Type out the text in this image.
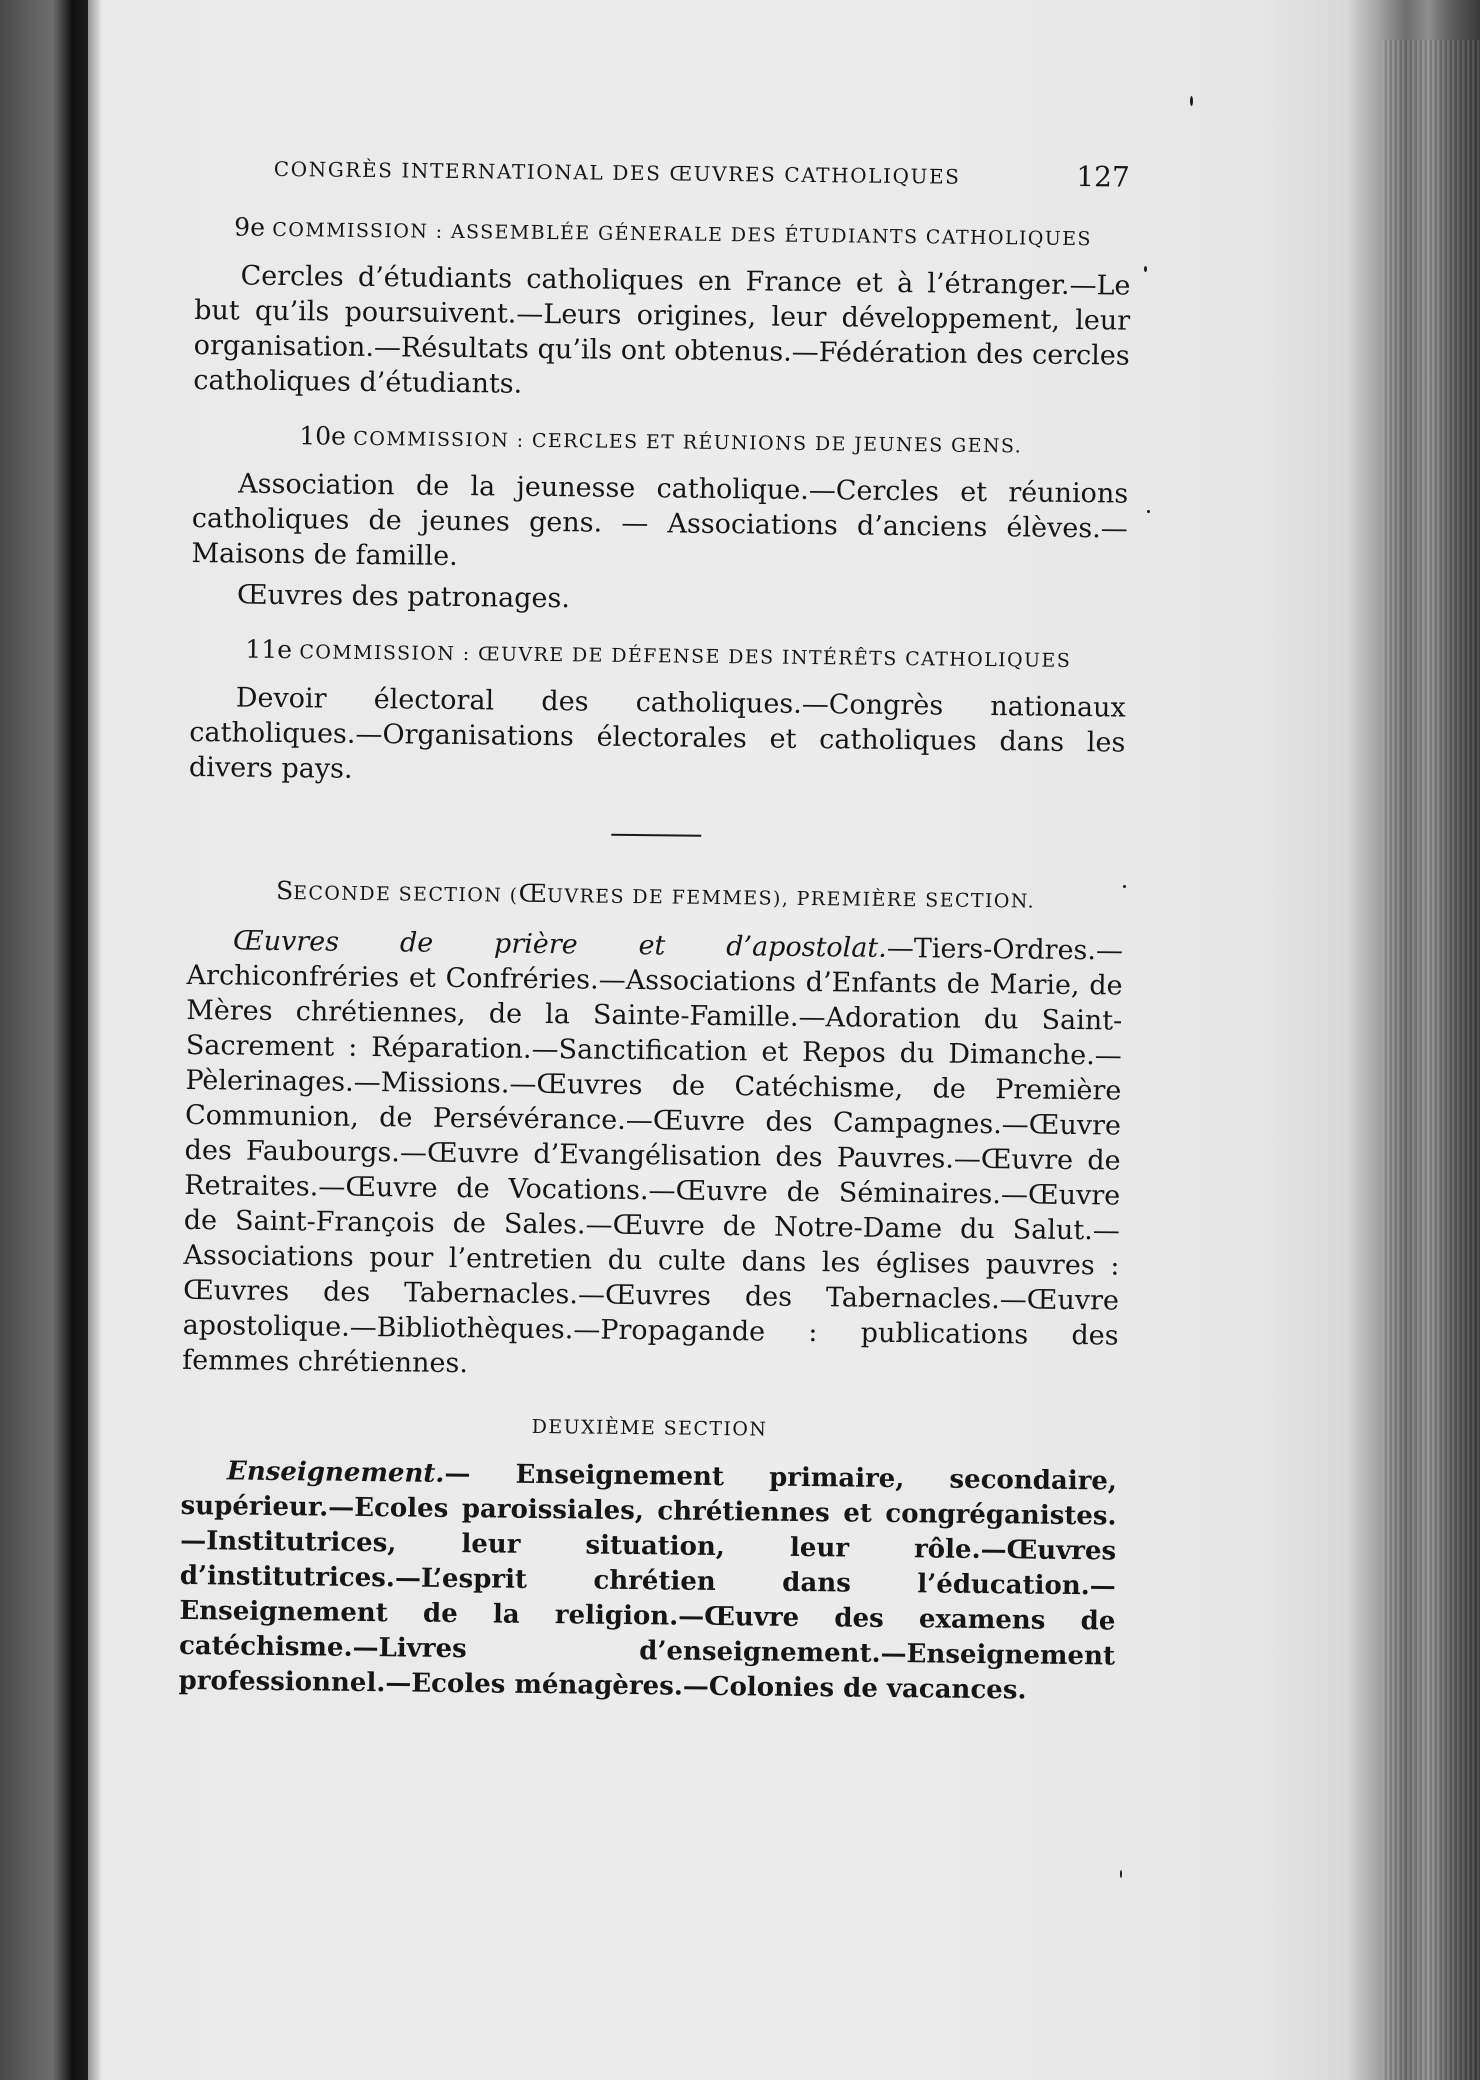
CONGRÈS INTERNATIONAL DES ŒUVRES CATHOLIQUES	127
9e COMMISSION : ASSEMBLÉE GÉNERALE DES ÉTUDIANTS CATHOLIQUES

Cercles d’étudiants catholiques en France et à l’étranger.—Le but qu’ils poursuivent.—Leurs origines, leur développement, leur organisation.—Résultats qu’ils ont obtenus.—Fédération des cercles catholiques d’étudiants.

10e COMMISSION : CERCLES ET RÉUNIONS DE JEUNES GENS.

Association de la jeunesse catholique.—Cercles et réunions catholiques de jeunes gens. — Associations d’anciens élèves.—Maisons de famille.

Œuvres des patronages.

11e COMMISSION : ŒUVRE DE DÉFENSE DES INTÉRÊTS CATHOLIQUES

Devoir électoral des catholiques.—Congrès nationaux catholiques.—Organisations électorales et catholiques dans les divers pays.

SECONDE SECTION (ŒUVRES DE FEMMES), PREMIÈRE SECTION.

Œuvres de prière et d’apostolat.—Tiers-Ordres.—Archiconfréries et Confréries.—Associations d’Enfants de Marie, de Mères chrétiennes, de la Sainte-Famille.—Adoration du Saint-Sacrement : Réparation.—Sanctification et Repos du Dimanche.—Pèlerinages.—Missions.—Œuvres de Catéchisme, de Première Communion, de Persévérance.—Œuvre des Campagnes.—Œuvre des Faubourgs.—Œuvre d’Evangélisation des Pauvres.—Œuvre de Retraites.—Œuvre de Vocations.—Œuvre de Séminaires.—Œuvre de Saint-François de Sales.—Œuvre de Notre-Dame du Salut.—Associations pour l’entretien du culte dans les églises pauvres : Œuvres des Tabernacles.—Œuvres des Tabernacles.—Œuvre apostolique.—Bibliothèques.—Propagande : publications des femmes chrétiennes.

DEUXIÈME SECTION

Enseignement.— Enseignement primaire, secondaire, supérieur.—Ecoles paroissiales, chrétiennes et congréganistes.—Institutrices, leur situation, leur rôle.—Œuvres d’institutrices.—L’esprit chrétien dans l’éducation.—Enseignement de la religion.—Œuvre des examens de catéchisme.—Livres d’enseignement.—Enseignement professionnel.—Ecoles ménagères.—Colonies de vacances.
